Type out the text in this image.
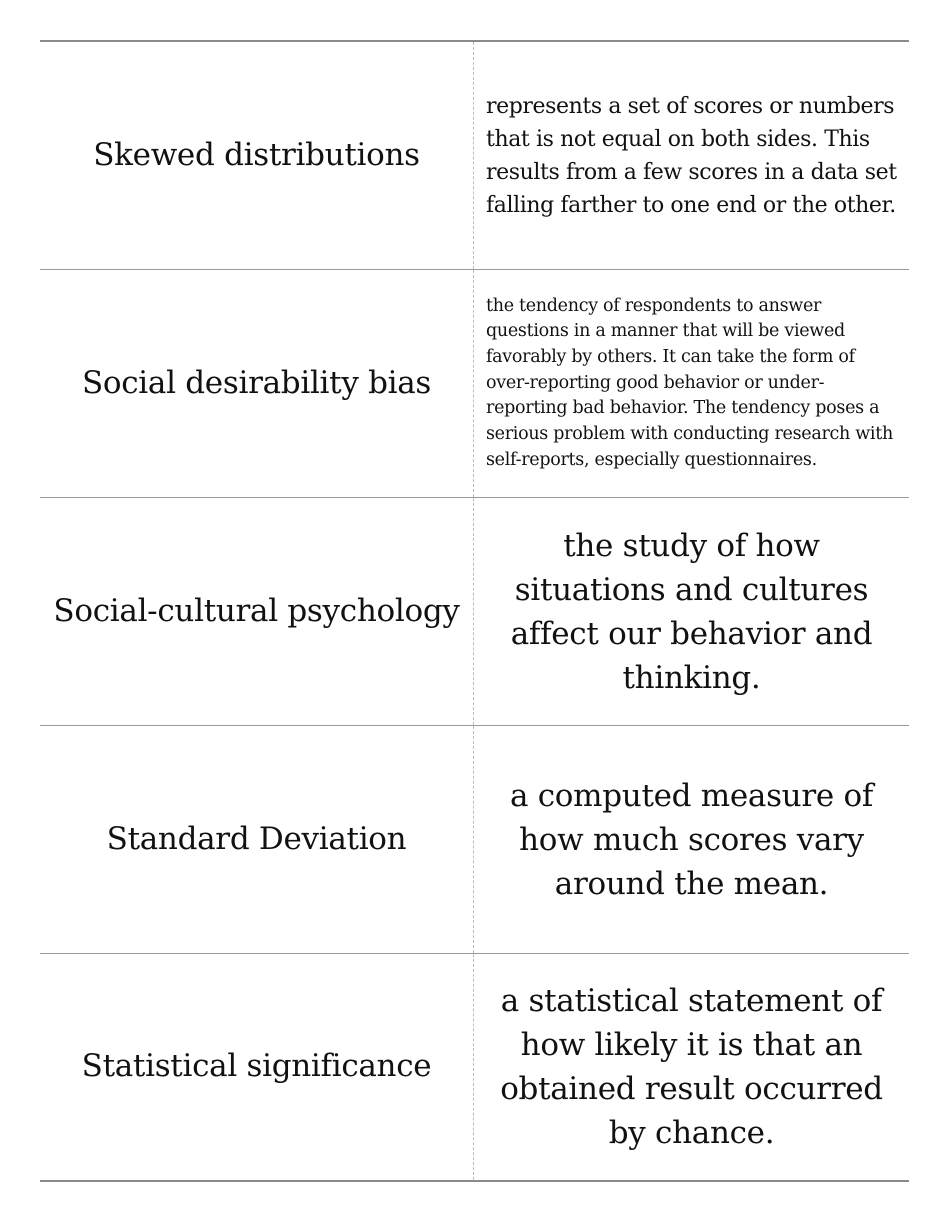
Skewed distributions
represents a set of scores or numbers that is not equal on both sides. This results from a few scores in a data set falling farther to one end or the other.
Social desirability bias
the tendency of respondents to answer questions in a manner that will be viewed favorably by others. It can take the form of over-reporting good behavior or under-reporting bad behavior. The tendency poses a serious problem with conducting research with self-reports, especially questionnaires.
Social-cultural psychology
the study of how situations and cultures affect our behavior and thinking.
Standard Deviation
a computed measure of how much scores vary around the mean.
Statistical significance
a statistical statement of how likely it is that an obtained result occurred by chance.
